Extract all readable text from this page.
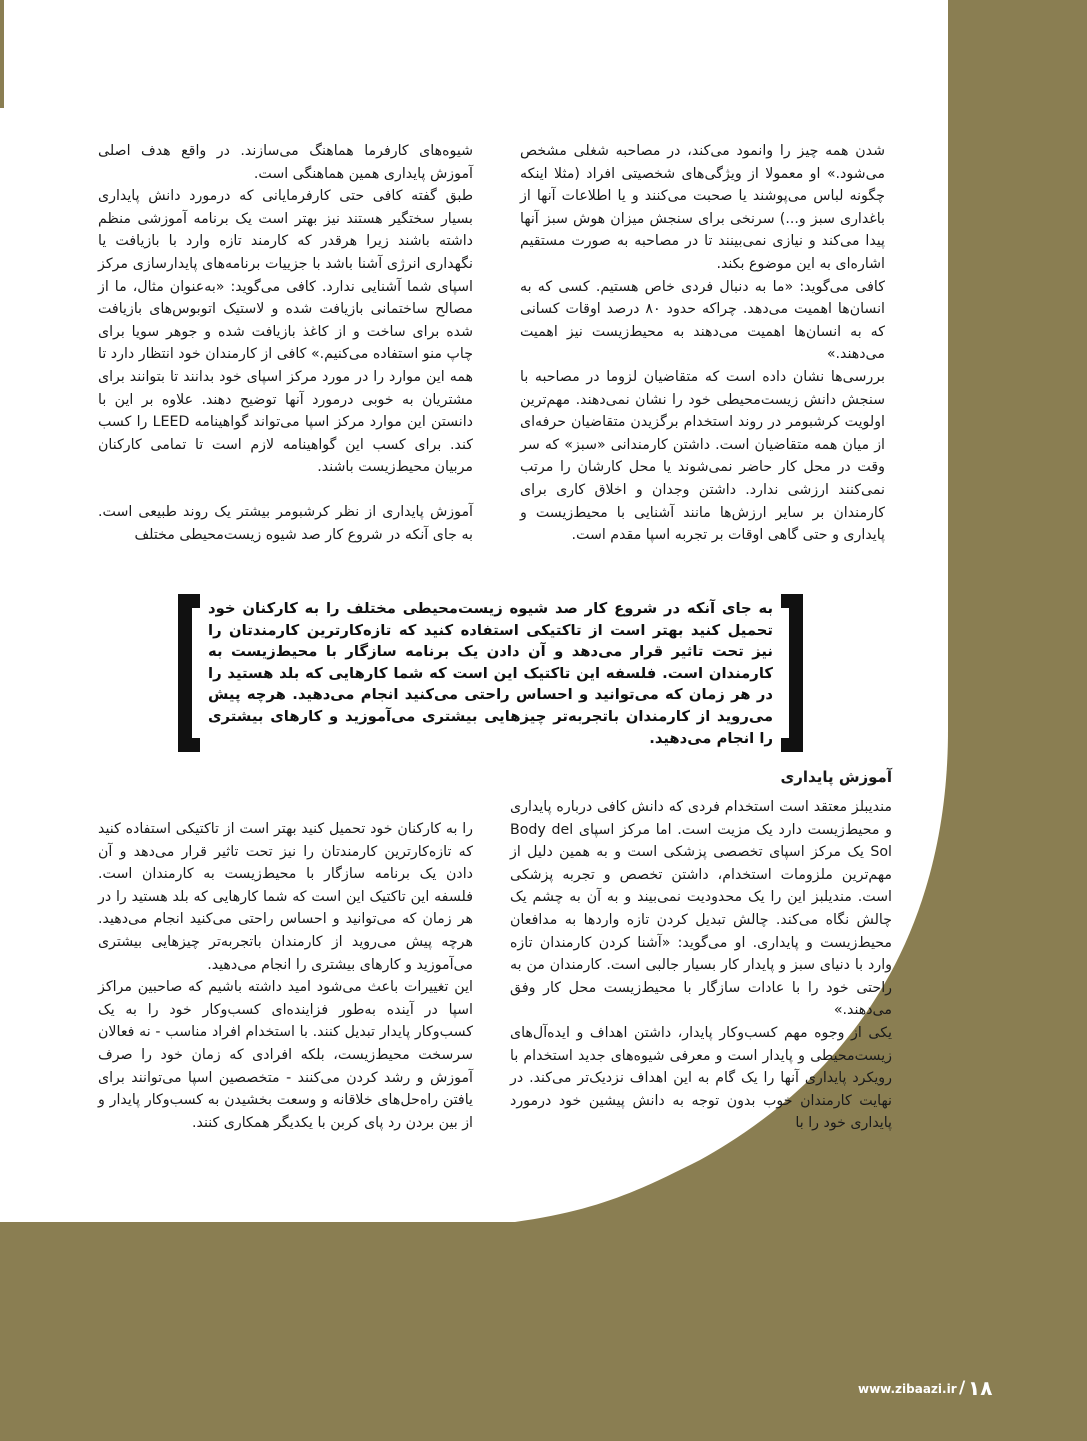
شدن همه چیز را وانمود می‌کند، در مصاحبه شغلی مشخص می‌شود.» او معمولا از ویژگی‌های شخصیتی افراد (مثلا اینکه چگونه لباس می‌پوشند یا صحبت می‌کنند و یا اطلاعات آنها از باغداری سبز و...) سرنخی برای سنجش میزان هوش سبز آنها پیدا می‌کند و نیازی نمی‌بینند تا در مصاحبه به صورت مستقیم اشاره‌ای به این موضوع بکند.

کافی می‌گوید: «ما به دنبال فردی خاص هستیم. کسی که به انسان‌ها اهمیت می‌دهد. چراکه حدود ۸۰ درصد اوقات کسانی که به انسان‌ها اهمیت می‌دهند به محیط‌زیست نیز اهمیت می‌دهند.»

بررسی‌ها نشان داده است که متقاضیان لزوما در مصاحبه با سنجش دانش زیست‌محیطی خود را نشان نمی‌دهند. مهم‌ترین اولویت کرشبومر در روند استخدام برگزیدن متقاضیان حرفه‌ای از میان همه متقاضیان است. داشتن کارمندانی «سبز» که سر وقت در محل کار حاضر نمی‌شوند یا محل کارشان را مرتب نمی‌کنند ارزشی ندارد. داشتن وجدان و اخلاق کاری برای کارمندان بر سایر ارزش‌ها مانند آشنایی با محیط‌زیست و پایداری و حتی گاهی اوقات بر تجربه اسپا مقدم است.

شیوه‌های کارفرما هماهنگ می‌سازند. در واقع هدف اصلی آموزش پایداری همین هماهنگی است.

طبق گفته کافی حتی کارفرمایانی که درمورد دانش پایداری بسیار سختگیر هستند نیز بهتر است یک برنامه آموزشی منظم داشته باشند زیرا هرقدر که کارمند تازه وارد با بازیافت یا نگهداری انرژی آشنا باشد با جزییات برنامه‌های پایدارسازی مرکز اسپای شما آشنایی ندارد. کافی می‌گوید: «به‌عنوان مثال، ما از مصالح ساختمانی بازیافت شده و لاستیک اتوبوس‌های بازیافت شده برای ساخت و از کاغذ بازیافت شده و جوهر سویا برای چاپ منو استفاده می‌کنیم.» کافی از کارمندان خود انتظار دارد تا همه این موارد را در مورد مرکز اسپای خود بدانند تا بتوانند برای مشتریان به خوبی درمورد آنها توضیح دهند. علاوه بر این با دانستن این موارد مرکز اسپا می‌تواند گواهینامه LEED را کسب کند. برای کسب این گواهینامه لازم است تا تمامی کارکنان مربیان محیط‌زیست باشند.

آموزش پایداری از نظر کرشبومر بیشتر یک روند طبیعی است. به جای آنکه در شروع کار صد شیوه زیست‌محیطی مختلف

به جای آنکه در شروع کار صد شیوه زیست‌محیطی مختلف را به کارکنان خود تحمیل کنید بهتر است از تاکتیکی استفاده کنید که تازه‌کارترین کارمندتان را نیز تحت تاثیر قرار می‌دهد و آن دادن یک برنامه سازگار با محیط‌زیست به کارمندان است. فلسفه این تاکتیک این است که شما کارهایی که بلد هستید را در هر زمان که می‌توانید و احساس راحتی می‌کنید انجام می‌دهید. هرچه پیش می‌روید از کارمندان باتجربه‌تر چیزهایی بیشتری می‌آموزید و کارهای بیشتری را انجام می‌دهید.
آموزش پایداری

مندیبلز معتقد است استخدام فردی که دانش کافی درباره پایداری و محیط‌زیست دارد یک مزیت است. اما مرکز اسپای Body del Sol یک مرکز اسپای تخصصی پزشکی است و به همین دلیل از مهم‌ترین ملزومات استخدام، داشتن تخصص و تجربه پزشکی است. مندیلبز این را یک محدودیت نمی‌بیند و به آن به چشم یک چالش نگاه می‌کند. چالش تبدیل کردن تازه واردها به مدافعان محیط‌زیست و پایداری. او می‌گوید: «آشنا کردن کارمندان تازه وارد با دنیای سبز و پایدار کار بسیار جالبی است. کارمندان من به راحتی خود را با عادات سازگار با محیط‌زیست محل کار وفق می‌دهند.»

یکی از وجوه مهم کسب‌وکار پایدار، داشتن اهداف و ایده‌آل‌های زیست‌محیطی و پایدار است و معرفی شیوه‌های جدید استخدام با رویکرد پایداری آنها را یک گام به این اهداف نزدیک‌تر می‌کند. در نهایت کارمندان خوب بدون توجه به دانش پیشین خود درمورد پایداری خود را با

را به کارکنان خود تحمیل کنید بهتر است از تاکتیکی استفاده کنید که تازه‌کارترین کارمندتان را نیز تحت تاثیر قرار می‌دهد و آن دادن یک برنامه سازگار با محیط‌زیست به کارمندان است. فلسفه این تاکتیک این است که شما کارهایی که بلد هستید را در هر زمان که می‌توانید و احساس راحتی می‌کنید انجام می‌دهید. هرچه پیش می‌روید از کارمندان باتجربه‌تر چیزهایی بیشتری می‌آموزید و کارهای بیشتری را انجام می‌دهید.

این تغییرات باعث می‌شود امید داشته باشیم که صاحبین مراکز اسپا در آینده به‌طور فزاینده‌ای کسب‌وکار خود را به یک کسب‌وکار پایدار تبدیل کنند. با استخدام افراد مناسب - نه فعالان سرسخت محیط‌زیست، بلکه افرادی که زمان خود را صرف آموزش و رشد کردن می‌کنند - متخصصین اسپا می‌توانند برای یافتن راه‌حل‌های خلاقانه و وسعت بخشیدن به کسب‌وکار پایدار و از بین بردن رد پای کربن با یکدیگر همکاری کنند.

www.zibaazi.ir / ۱۸
